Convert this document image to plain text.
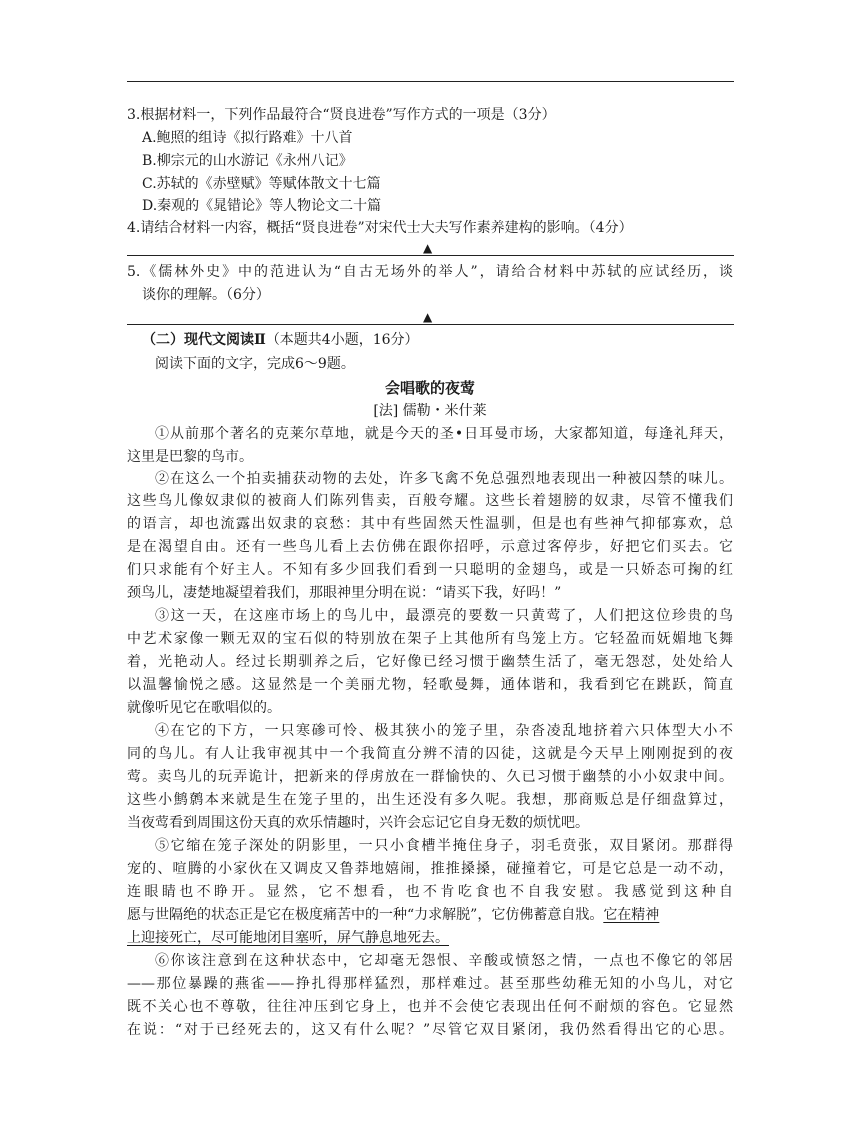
3.根据材料一，下列作品最符合“贤良进卷”写作方式的一项是（3分）
A.鲍照的组诗《拟行路难》十八首
B.柳宗元的山水游记《永州八记》
C.苏轼的《赤壁赋》等赋体散文十七篇
D.秦观的《晁错论》等人物论文二十篇
4.请结合材料一内容，概括“贤良进卷”对宋代士大夫写作素养建构的影响。（4分）
▲
5.《儒林外史》中的范进认为“自古无场外的举人”，请给合材料中苏轼的应试经历，谈
谈你的理解。（6分）
▲
（二）现代文阅读Ⅱ（本题共4小题，16分）
阅读下面的文字，完成6～9题。
会唱歌的夜莺
[法] 儒勒・米什莱
①从前那个著名的克莱尔草地，就是今天的圣•日耳曼市场，大家都知道，每逢礼拜天，
这里是巴黎的鸟市。
②在这么一个拍卖捕获动物的去处，许多飞禽不免总强烈地表现出一种被囚禁的味儿。
这些鸟儿像奴隶似的被商人们陈列售卖，百般夸耀。这些长着翅膀的奴隶，尽管不懂我们
的语言，却也流露出奴隶的哀愁：其中有些固然天性温驯，但是也有些神气抑郁寡欢，总
是在渴望自由。还有一些鸟儿看上去仿佛在跟你招呼，示意过客停步，好把它们买去。它
们只求能有个好主人。不知有多少回我们看到一只聪明的金翅鸟，或是一只娇态可掬的红
颈鸟儿，凄楚地凝望着我们，那眼神里分明在说：“请买下我，好吗！”
③这一天，在这座市场上的鸟儿中，最漂亮的要数一只黄莺了，人们把这位珍贵的鸟
中艺术家像一颗无双的宝石似的特别放在架子上其他所有鸟笼上方。它轻盈而妩媚地飞舞
着，光艳动人。经过长期驯养之后，它好像已经习惯于幽禁生活了，毫无怨怼，处处给人
以温馨愉悦之感。这显然是一个美丽尤物，轻歌曼舞，通体谐和，我看到它在跳跃，简直
就像听见它在歌唱似的。
④在它的下方，一只寒碜可怜、极其狭小的笼子里，杂沓凌乱地挤着六只体型大小不
同的鸟儿。有人让我审视其中一个我简直分辨不清的囚徒，这就是今天早上刚刚捉到的夜
莺。卖鸟儿的玩弄诡计，把新来的俘虏放在一群愉快的、久已习惯于幽禁的小小奴隶中间。
这些小鹪鹩本来就是生在笼子里的，出生还没有多久呢。我想，那商贩总是仔细盘算过，
当夜莺看到周围这份天真的欢乐情趣时，兴许会忘记它自身无数的烦忧吧。
⑤它缩在笼子深处的阴影里，一只小食槽半掩住身子，羽毛贲张，双目紧闭。那群得
宠的、喧腾的小家伙在又调皮又鲁莽地嬉闹，推推搡搡，碰撞着它，可是它总是一动不动，
连眼睛也不睁开。显然，它不想看，也不肯吃食也不自我安慰。我感觉到这种自
愿与世隔绝的状态正是它在极度痛苦中的一种“力求解脱”，它仿佛蓄意自戕。它在精神
上迎接死亡，尽可能地闭目塞听，屏气静息地死去。
⑥你该注意到在这种状态中，它却毫无怨恨、辛酸或愤怒之情，一点也不像它的邻居
——那位暴躁的燕雀——挣扎得那样猛烈，那样难过。甚至那些幼稚无知的小鸟儿，对它
既不关心也不尊敬，往往冲压到它身上，也并不会使它表现出任何不耐烦的容色。它显然
在说：“对于已经死去的，这又有什么呢？”尽管它双目紧闭，我仍然看得出它的心思。
